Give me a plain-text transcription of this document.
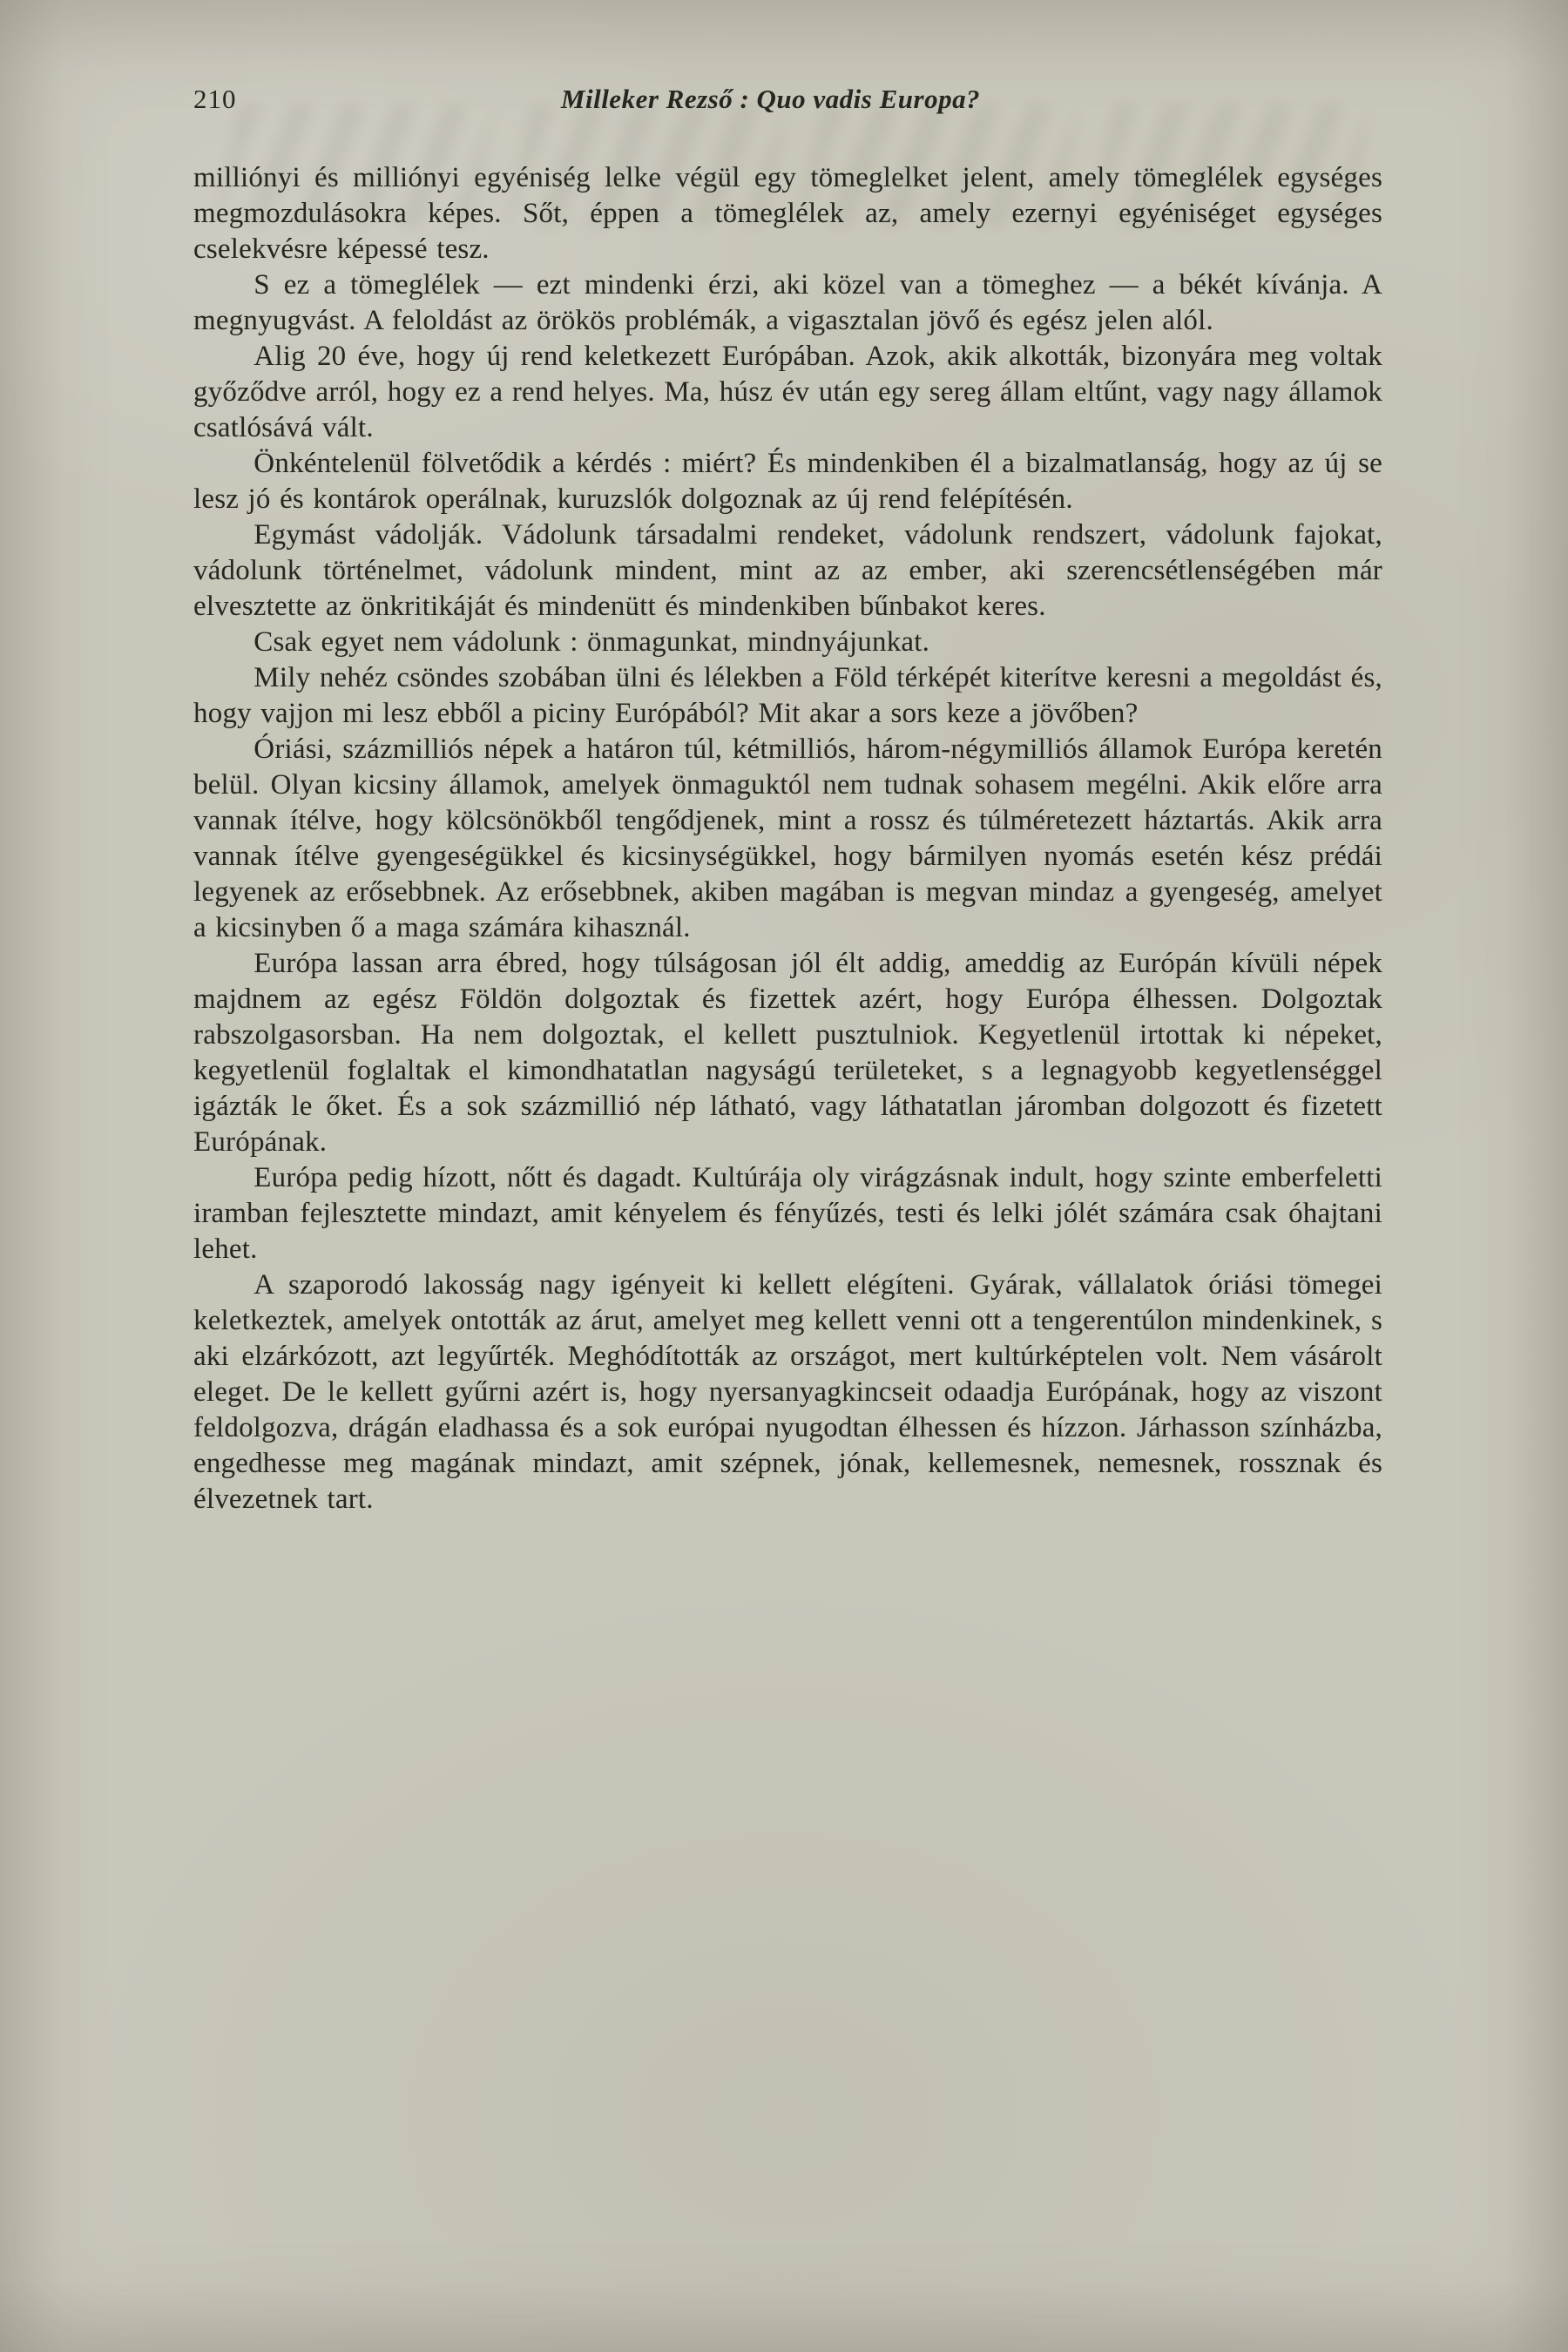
210	Milleker Rezső : Quo vadis Europa?

milliónyi és milliónyi egyéniség lelke végül egy tömeglelket jelent, amely tömeglélek egységes megmozdulásokra képes. Sőt, éppen a tömeglélek az, amely ezernyi egyéniséget egységes cselekvésre képessé tesz.

S ez a tömeglélek — ezt mindenki érzi, aki közel van a tömeghez — a békét kívánja. A megnyugvást. A feloldást az örökös problémák, a vigasztalan jövő és egész jelen alól.

Alig 20 éve, hogy új rend keletkezett Európában. Azok, akik alkották, bizonyára meg voltak győződve arról, hogy ez a rend helyes. Ma, húsz év után egy sereg állam eltűnt, vagy nagy államok csatlósává vált.

Önkéntelenül fölvetődik a kérdés : miért? És mindenkiben él a bizalmatlanság, hogy az új se lesz jó és kontárok operálnak, kuruzslók dolgoznak az új rend felépítésén.

Egymást vádolják. Vádolunk társadalmi rendeket, vádolunk rendszert, vádolunk fajokat, vádolunk történelmet, vádolunk mindent, mint az az ember, aki szerencsétlenségében már elvesztette az önkritikáját és mindenütt és mindenkiben bűnbakot keres.

Csak egyet nem vádolunk : önmagunkat, mindnyájunkat.

Mily nehéz csöndes szobában ülni és lélekben a Föld térképét kiterítve keresni a megoldást és, hogy vajjon mi lesz ebből a piciny Európából? Mit akar a sors keze a jövőben?

Óriási, százmilliós népek a határon túl, kétmilliós, három-négymilliós államok Európa keretén belül. Olyan kicsiny államok, amelyek önmaguktól nem tudnak sohasem megélni. Akik előre arra vannak ítélve, hogy kölcsönökből tengődjenek, mint a rossz és túlméretezett háztartás. Akik arra vannak ítélve gyengeségükkel és kicsinységükkel, hogy bármilyen nyomás esetén kész prédái legyenek az erősebbnek. Az erősebbnek, akiben magában is megvan mindaz a gyengeség, amelyet a kicsinyben ő a maga számára kihasznál.

Európa lassan arra ébred, hogy túlságosan jól élt addig, ameddig az Európán kívüli népek majdnem az egész Földön dolgoztak és fizettek azért, hogy Európa élhessen. Dolgoztak rabszolgasorsban. Ha nem dolgoztak, el kellett pusztulniok. Kegyetlenül irtottak ki népeket, kegyetlenül foglaltak el kimondhatatlan nagyságú területeket, s a legnagyobb kegyetlenséggel igázták le őket. És a sok százmillió nép látható, vagy láthatatlan járomban dolgozott és fizetett Európának.

Európa pedig hízott, nőtt és dagadt. Kultúrája oly virágzásnak indult, hogy szinte emberfeletti iramban fejlesztette mindazt, amit kényelem és fényűzés, testi és lelki jólét számára csak óhajtani lehet.

A szaporodó lakosság nagy igényeit ki kellett elégíteni. Gyárak, vállalatok óriási tömegei keletkeztek, amelyek ontották az árut, amelyet meg kellett venni ott a tengerentúlon mindenkinek, s aki elzárkózott, azt legyűrték. Meghódították az országot, mert kultúrképtelen volt. Nem vásárolt eleget. De le kellett gyűrni azért is, hogy nyersanyagkincseit odaadja Európának, hogy az viszont feldolgozva, drágán eladhassa és a sok európai nyugodtan élhessen és hízzon. Járhasson színházba, engedhesse meg magának mindazt, amit szépnek, jónak, kellemesnek, nemesnek, rossznak és élvezetnek tart.
